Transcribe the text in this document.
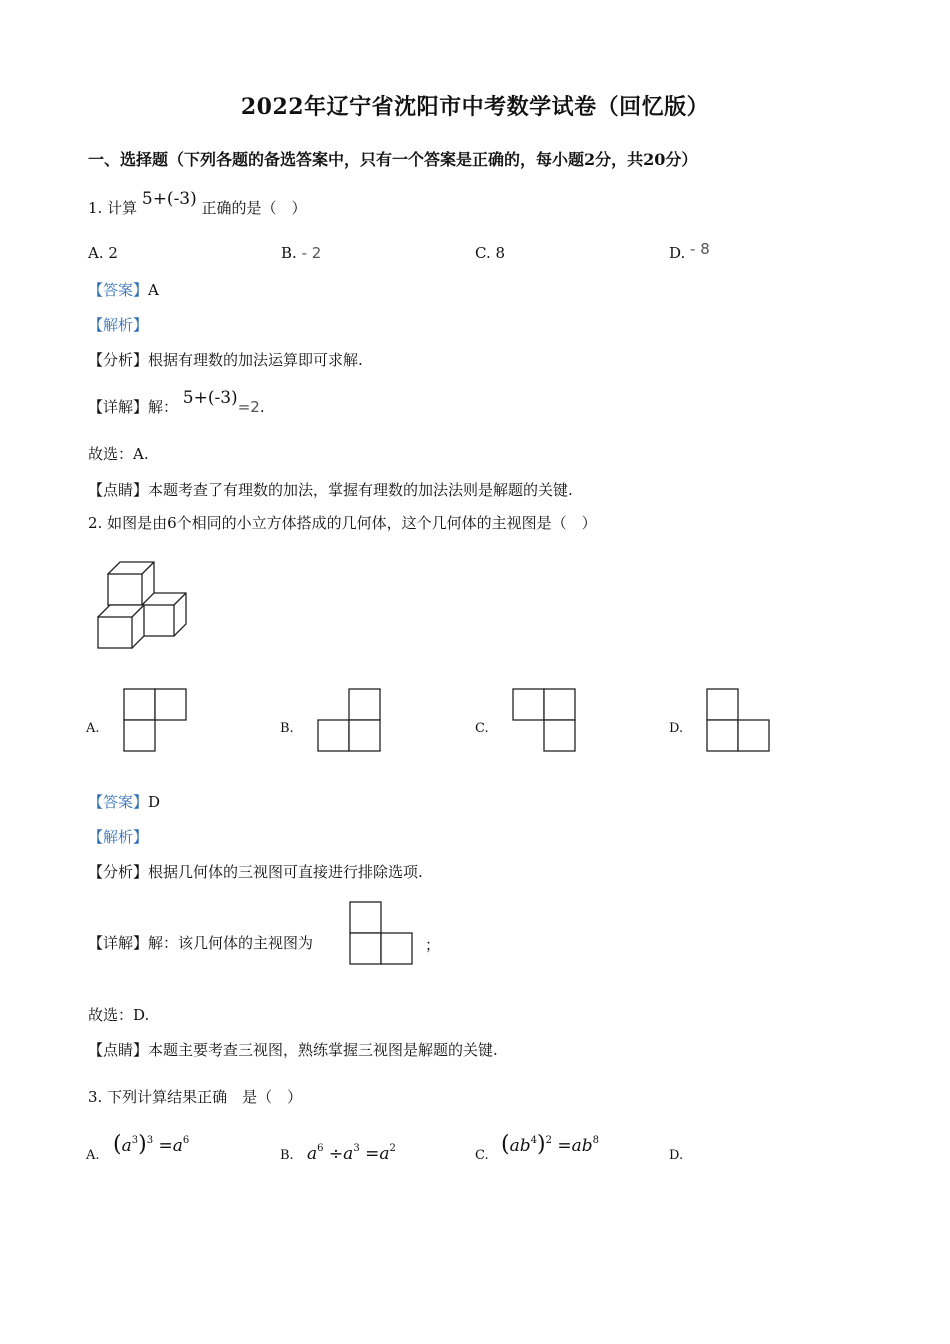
2022年辽宁省沈阳市中考数学试卷（回忆版）
一、选择题（下列各题的备选答案中，只有一个答案是正确的，每小题2分，共20分）
1. 计算 5+(-3) 正确的是（　）
A. 2	B. - 2	C. 8	D. - 8
【答案】A
【解析】
【分析】根据有理数的加法运算即可求解.
【详解】解： 5+(-3)=2.
故选：A.
【点睛】本题考查了有理数的加法，掌握有理数的加法法则是解题的关键.
2. 如图是由6个相同的小立方体搭成的几何体，这个几何体的主视图是（　）
A.	B.	C.	D.
【答案】D
【解析】
【分析】根据几何体的三视图可直接进行排除选项.
【详解】解：该几何体的主视图为	；
故选：D.
【点睛】本题主要考查三视图，熟练掌握三视图是解题的关键.
3. 下列计算结果正确　是（　）
A. $(a^3)^3 =a^6$
B. $a^6 \div a^3 =a^2$	C. $(ab^4)^2 =ab^8$
D.
